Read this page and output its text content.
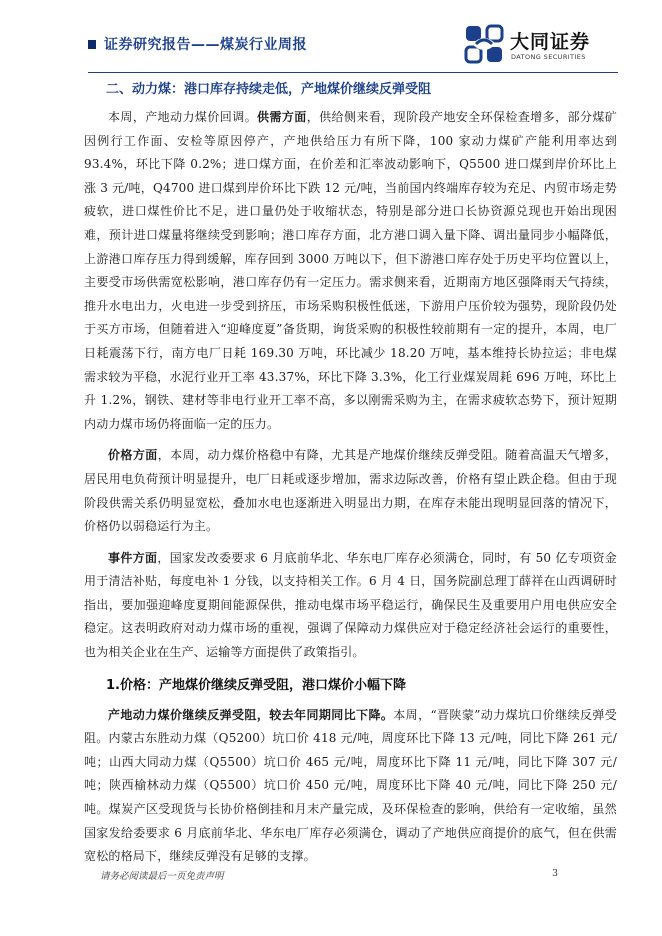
证券研究报告——煤炭行业周报	大同证券
DATONG SECURITIES
二、动力煤：港口库存持续走低，产地煤价继续反弹受阻

本周，产地动力煤价回调。供需方面，供给侧来看，现阶段产地安全环保检查增多，部分煤矿因例行工作面、安检等原因停产，产地供给压力有所下降，100 家动力煤矿产能利用率达到 93.4%，环比下降 0.2%；进口煤方面，在价差和汇率波动影响下，Q5500 进口煤到岸价环比上涨 3 元/吨，Q4700 进口煤到岸价环比下跌 12 元/吨，当前国内终端库存较为充足、内贸市场走势疲软，进口煤性价比不足，进口量仍处于收缩状态，特别是部分进口长协资源兑现也开始出现困难，预计进口煤量将继续受到影响；港口库存方面，北方港口调入量下降、调出量同步小幅降低，上游港口库存压力得到缓解，库存回到 3000 万吨以下，但下游港口库存处于历史平均位置以上，主要受市场供需宽松影响，港口库存仍有一定压力。需求侧来看，近期南方地区强降雨天气持续，推升水电出力，火电进一步受到挤压，市场采购积极性低迷，下游用户压价较为强势，现阶段仍处于买方市场，但随着进入“迎峰度夏”备货期，询货采购的积极性较前期有一定的提升，本周，电厂日耗震荡下行，南方电厂日耗 169.30 万吨，环比减少 18.20 万吨，基本维持长协拉运；非电煤需求较为平稳，水泥行业开工率 43.37%，环比下降 3.3%，化工行业煤炭周耗 696 万吨，环比上升 1.2%，钢铁、建材等非电行业开工率不高，多以刚需采购为主，在需求疲软态势下，预计短期内动力煤市场仍将面临一定的压力。

价格方面，本周，动力煤价格稳中有降，尤其是产地煤价继续反弹受阻。随着高温天气增多，居民用电负荷预计明显提升，电厂日耗或逐步增加，需求边际改善，价格有望止跌企稳。但由于现阶段供需关系仍明显宽松，叠加水电也逐渐进入明显出力期，在库存未能出现明显回落的情况下，价格仍以弱稳运行为主。

事件方面，国家发改委要求 6 月底前华北、华东电厂库存必须满仓，同时，有 50 亿专项资金用于清洁补贴，每度电补 1 分钱，以支持相关工作。6 月 4 日，国务院副总理丁薛祥在山西调研时指出，要加强迎峰度夏期间能源保供，推动电煤市场平稳运行，确保民生及重要用户用电供应安全稳定。这表明政府对动力煤市场的重视，强调了保障动力煤供应对于稳定经济社会运行的重要性，也为相关企业在生产、运输等方面提供了政策指引。

1.价格：产地煤价继续反弹受阻，港口煤价小幅下降

产地动力煤价继续反弹受阻，较去年同期同比下降。本周，“晋陕蒙”动力煤坑口价继续反弹受阻。内蒙古东胜动力煤（Q5200）坑口价 418 元/吨，周度环比下降 13 元/吨，同比下降 261 元/吨；山西大同动力煤（Q5500）坑口价 465 元/吨，周度环比下降 11 元/吨，同比下降 307 元/吨；陕西榆林动力煤（Q5500）坑口价 450 元/吨，周度环比下降 40 元/吨，同比下降 250 元/吨。煤炭产区受现货与长协价格倒挂和月末产量完成，及环保检查的影响，供给有一定收缩，虽然国家发给委要求 6 月底前华北、华东电厂库存必须满仓，调动了产地供应商提价的底气，但在供需宽松的格局下，继续反弹没有足够的支撑。

请务必阅读最后一页免责声明	3
